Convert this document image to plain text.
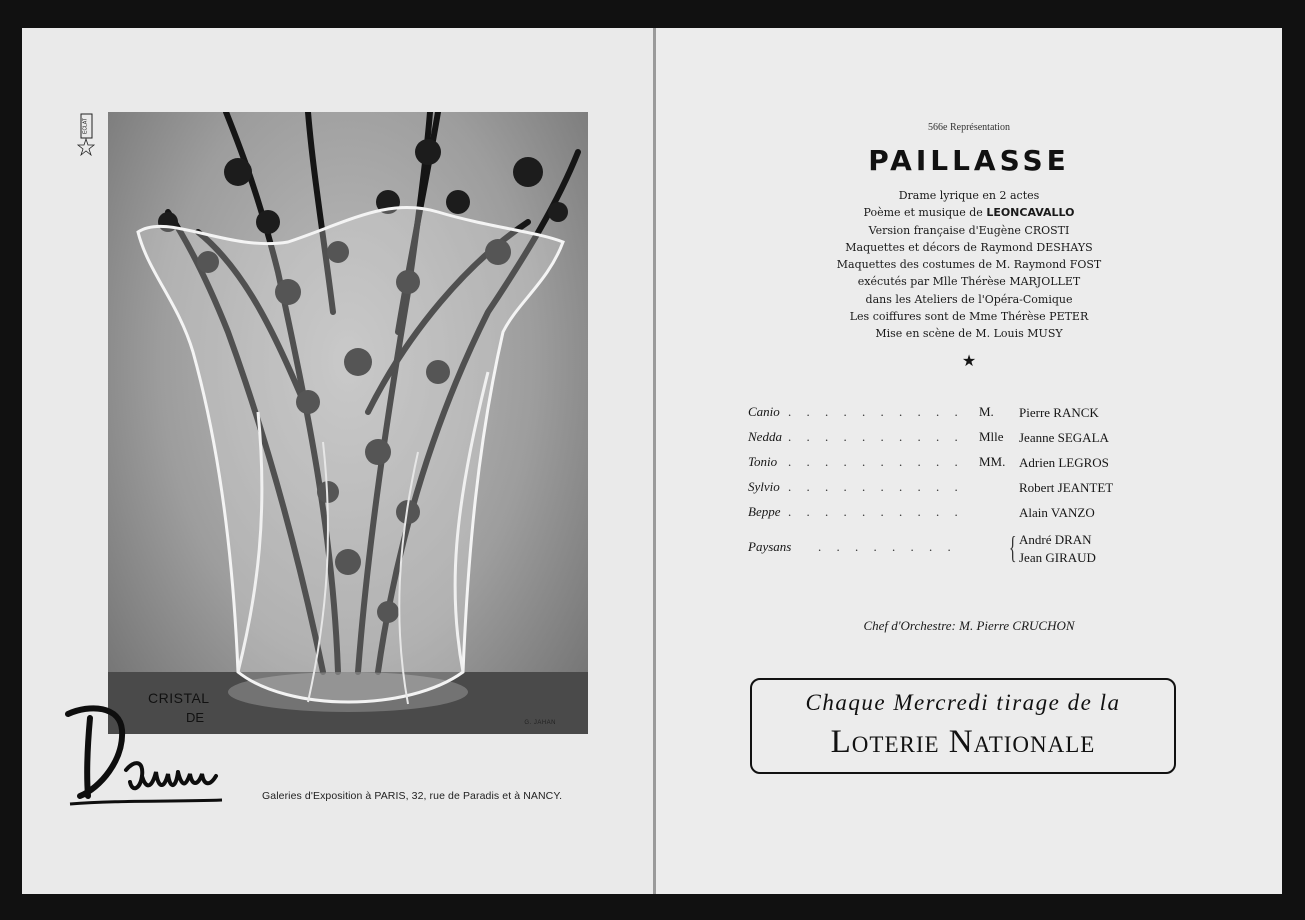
ECLAT
G. JAHAN
CRISTAL
DE
Galeries d'Exposition à PARIS, 32, rue de Paradis et à NANCY.
566e Représentation
PAILLASSE
Drame lyrique en 2 actes
Poème et musique de LEONCAVALLO
Version française d'Eugène CROSTI
Maquettes et décors de Raymond DESHAYS
Maquettes des costumes de M. Raymond FOST
exécutés par Mlle Thérèse MARJOLLET
dans les Ateliers de l'Opéra-Comique
Les coiffures sont de Mme Thérèse PETER
Mise en scène de M. Louis MUSY
★
Canio . . . . . . . . . . M. Pierre RANCK
Nedda . . . . . . . . . . Mlle Jeanne SEGALA
Tonio . . . . . . . . . . MM. Adrien LEGROS
Sylvio . . . . . . . . . .	Robert JEANTET
Beppe . . . . . . . . . .	Alain VANZO
Paysans . . . . . . . . { André DRAN
Jean GIRAUD
Chef d'Orchestre: M. Pierre CRUCHON
Chaque Mercredi tirage de la
Loterie Nationale
